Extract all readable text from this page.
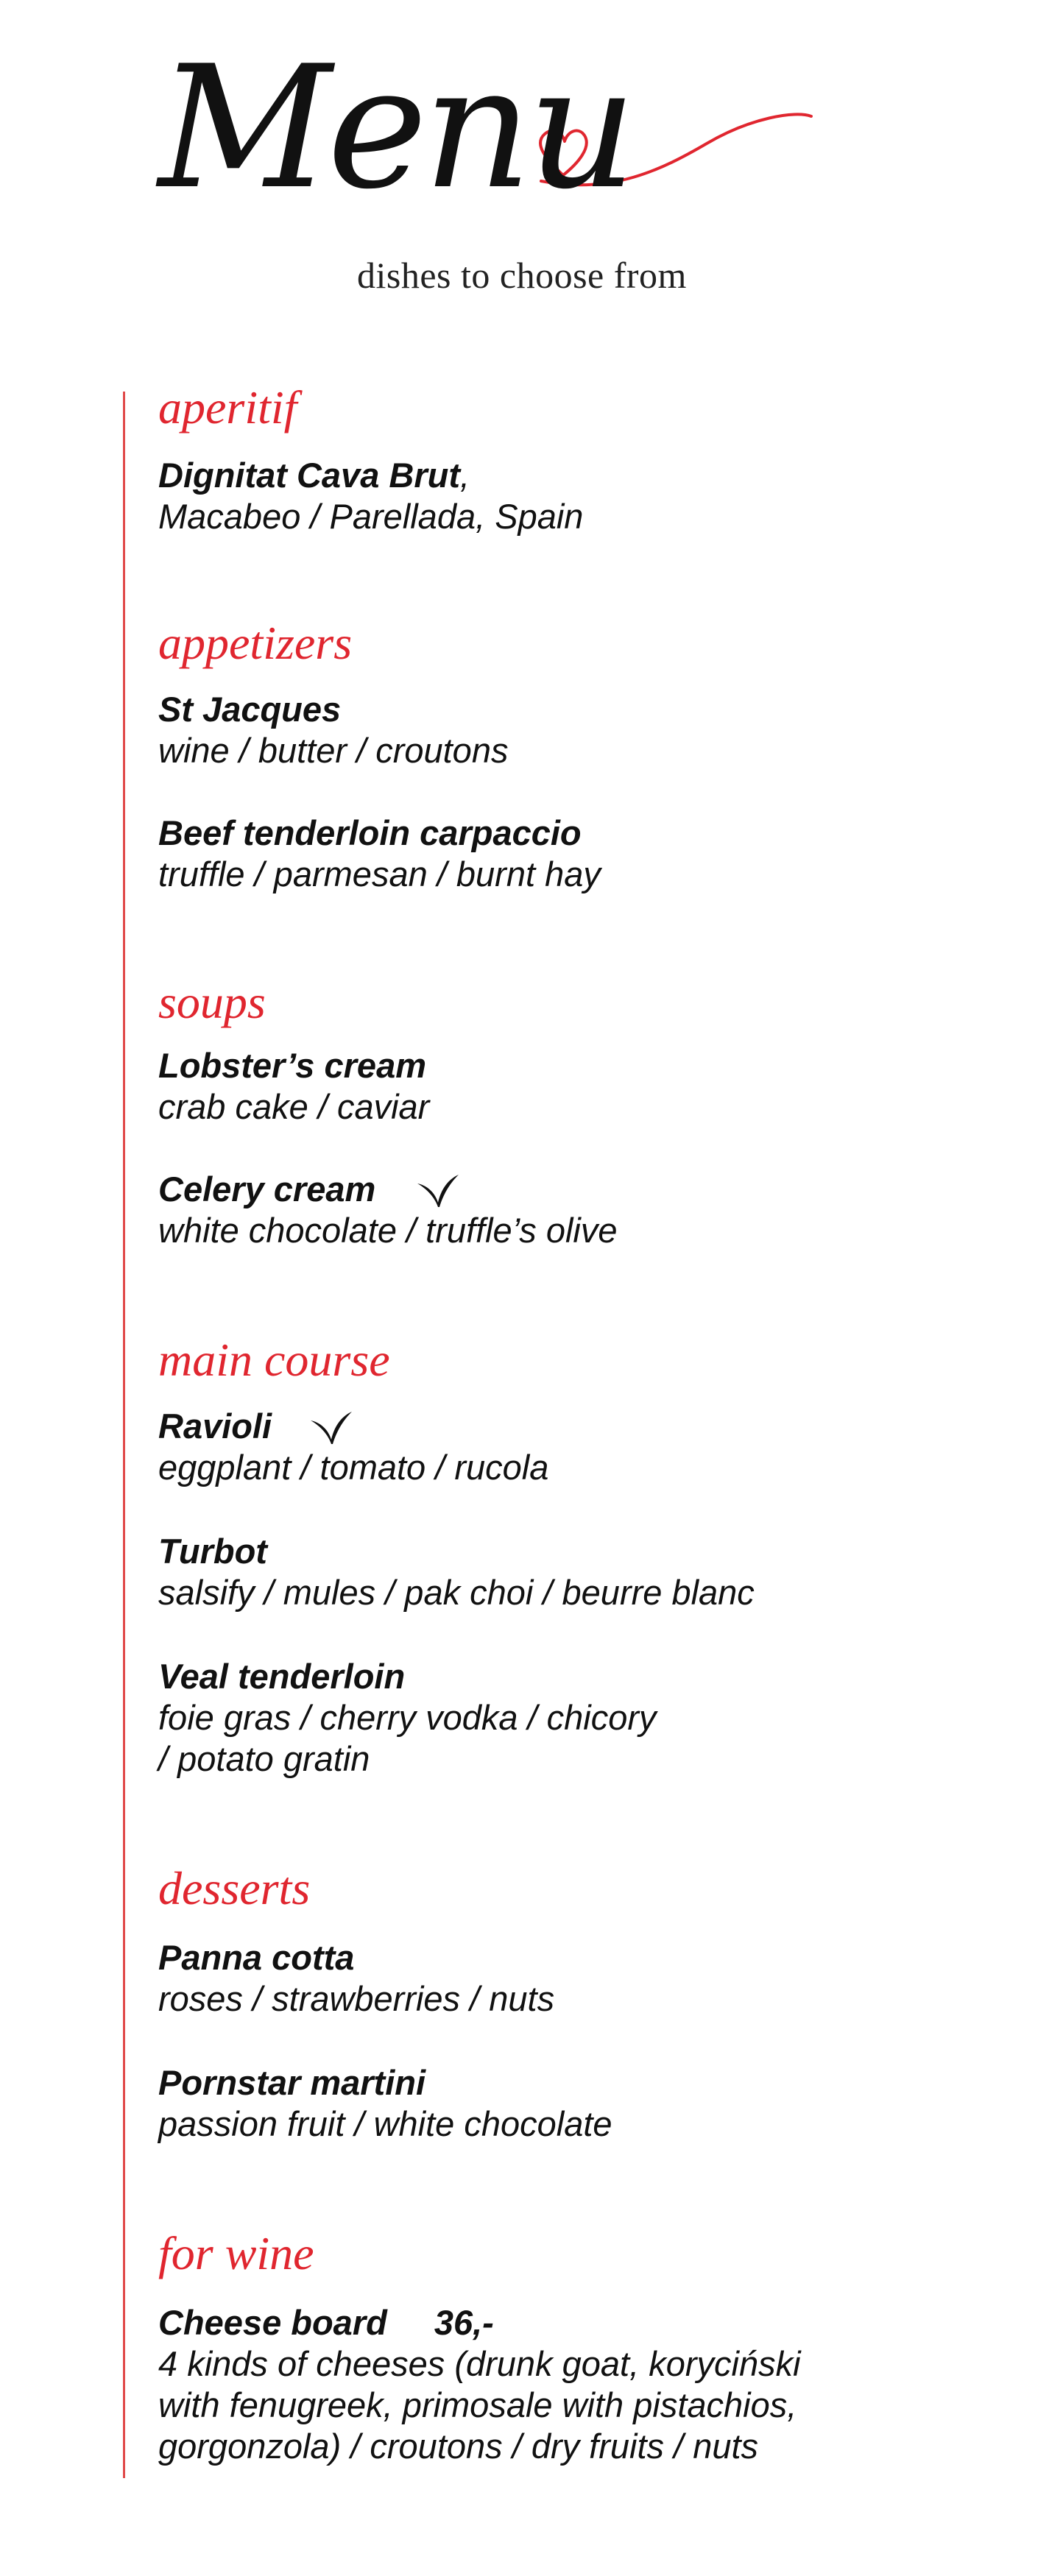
Menu
dishes to choose from
aperitif
Dignitat Cava Brut,
Macabeo / Parellada, Spain
appetizers
St Jacques
wine / butter / croutons
Beef tenderloin carpaccio
truffle / parmesan / burnt hay
soups
Lobster’s cream
crab cake / caviar
Celery cream
white chocolate / truffle’s olive
main course
Ravioli
eggplant / tomato / rucola
Turbot
salsify / mules / pak choi / beurre blanc
Veal tenderloin
foie gras / cherry vodka / chicory
/ potato gratin
desserts
Panna cotta
roses / strawberries / nuts
Pornstar martini
passion fruit / white chocolate
for wine
Cheese board 36,-
4 kinds of cheeses (drunk goat, koryciński
with fenugreek, primosale with pistachios,
gorgonzola) / croutons / dry fruits / nuts
